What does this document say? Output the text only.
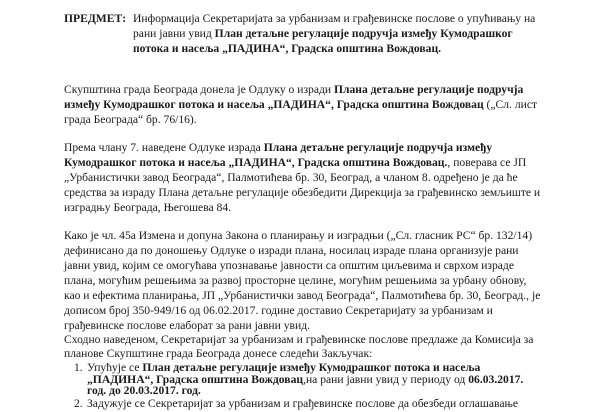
ПРЕДМЕТ: Информација Секретаријата за урбанизам и грађевинске послове о упућивању на
рани јавни увид План детаљне регулације подручја између Кумодрашког
потока и насеља „ПАДИНА“, Градска општина Вождовац.
Скупштина града Београда донела је Одлуку о изради Плана детаљне регулације подручја
између Кумодрашког потока и насеља „ПАДИНА“, Градска општина Вождовац („Сл. лист
града Београда“ бр. 76/16).
Према члану 7. наведене Одлуке израда Плана детаљне регулације подручја између
Кумодрашког потока и насеља „ПАДИНА“, Градска општина Вождовац., поверава се ЈП
„Урбанистички завод Београда“, Палмотићева бр. 30, Београд, а чланом 8. одређено је да ће
средства за израду Плана детаљне регулације обезбедити Дирекција за грађевинско земљиште и
изградњу Београда, Његошева 84.
Како је чл. 45а Измена и допуна Закона о планирању и изградњи („Сл. гласник РС“ бр. 132/14)
дефинисано да по доношењу Одлуке о изради плана, носилац израде плана организује рани
јавни увид, којим се омогућава упознавање јавности са општим циљевима и сврхом израде
плана, могућим решењима за развој просторне целине, могућим решењима за урбану обнову,
као и ефектима планирања, ЈП „Урбанистички завод Београда“, Палмотићева бр. 30, Београд., је
дописом број 350-949/16 од 06.02.2017. године доставио Секретаријату за урбанизам и
грађевинске послове елаборат за рани јавни увид.
Сходно наведеном, Секретаријат за урбанизам и грађевинске послове предлаже да Комисија за
планове Скупштине града Београда донесе следећи Закључак:
1. Упућује се План детаљне регулације између Кумодрашког потока и насеља
„ПАДИНА“, Градска општина Вождовац,на рани јавни увид у периоду од 06.03.2017.
год. до 20.03.2017. год.
2. Задужује се Секретаријат за урбанизам и грађевинске послове да обезбеди оглашавање
